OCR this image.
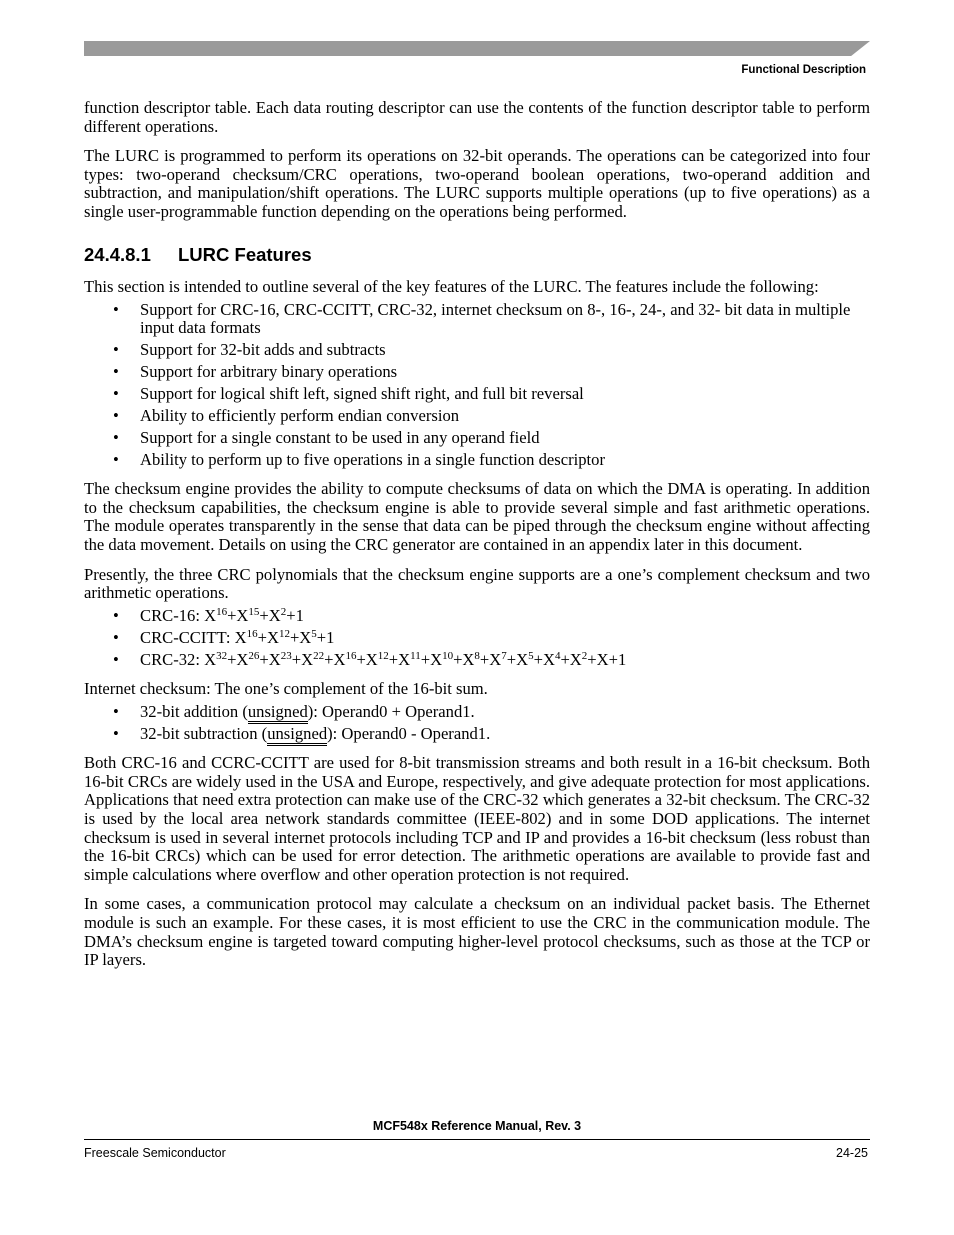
Functional Description

function descriptor table. Each data routing descriptor can use the contents of the function descriptor table to perform different operations.

The LURC is programmed to perform its operations on 32-bit operands. The operations can be categorized into four types: two-operand checksum/CRC operations, two-operand boolean operations, two-operand addition and subtraction, and manipulation/shift operations. The LURC supports multiple operations (up to five operations) as a single user-programmable function depending on the operations being performed.

24.4.8.1 LURC Features

This section is intended to outline several of the key features of the LURC. The features include the following:

• Support for CRC-16, CRC-CCITT, CRC-32, internet checksum on 8-, 16-, 24-, and 32- bit data in multiple input data formats
• Support for 32-bit adds and subtracts
• Support for arbitrary binary operations
• Support for logical shift left, signed shift right, and full bit reversal
• Ability to efficiently perform endian conversion
• Support for a single constant to be used in any operand field
• Ability to perform up to five operations in a single function descriptor

The checksum engine provides the ability to compute checksums of data on which the DMA is operating. In addition to the checksum capabilities, the checksum engine is able to provide several simple and fast arithmetic operations. The module operates transparently in the sense that data can be piped through the checksum engine without affecting the data movement. Details on using the CRC generator are contained in an appendix later in this document.

Presently, the three CRC polynomials that the checksum engine supports are a one’s complement checksum and two arithmetic operations.

• CRC-16: $X^{16}+X^{15}+X^2+1$
• CRC-CCITT: $X^{16}+X^{12}+X^5+1$
• CRC-32: $X^{32}+X^{26}+X^{23}+X^{22}+X^{16}+X^{12}+X^{11}+X^{10}+X^8+X^7+X^5+X^4+X^2+X+1$

Internet checksum: The one’s complement of the 16-bit sum.

• 32-bit addition (unsigned): Operand0 + Operand1.
• 32-bit subtraction (unsigned): Operand0 - Operand1.

Both CRC-16 and CCRC-CCITT are used for 8-bit transmission streams and both result in a 16-bit checksum. Both 16-bit CRCs are widely used in the USA and Europe, respectively, and give adequate protection for most applications. Applications that need extra protection can make use of the CRC-32 which generates a 32-bit checksum. The CRC-32 is used by the local area network standards committee (IEEE-802) and in some DOD applications. The internet checksum is used in several internet protocols including TCP and IP and provides a 16-bit checksum (less robust than the 16-bit CRCs) which can be used for error detection. The arithmetic operations are available to provide fast and simple calculations where overflow and other operation protection is not required.

In some cases, a communication protocol may calculate a checksum on an individual packet basis. The Ethernet module is such an example. For these cases, it is most efficient to use the CRC in the communication module. The DMA’s checksum engine is targeted toward computing higher-level protocol checksums, such as those at the TCP or IP layers.

MCF548x Reference Manual, Rev. 3
Freescale Semiconductor	24-25
